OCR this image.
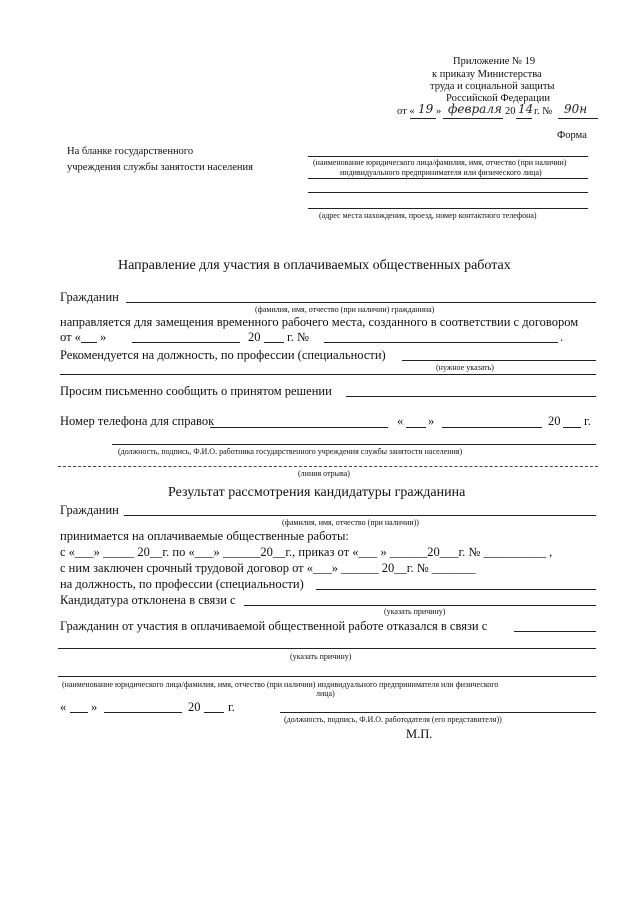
Приложение № 19
к приказу Министерства
труда и социальной защиты
Российской Федерации
от « 19 » февраля 20 14 г. № 90н
Форма
На бланке государственного
учреждения службы занятости населения	(наименование юридического лица/фамилия, имя, отчество (при наличии)
индивидуального предпринимателя или физического лица)
(адрес места нахождения, проезд, номер контактного телефона)
Направление для участия в оплачиваемых общественных работах
Гражданин
(фамилия, имя, отчество (при наличии) гражданина)
направляется для замещения временного рабочего места, созданного в соответствии с договором
от « »	20 г. №	.
Рекомендуется на должность, по профессии (специальности)
(нужное указать)
Просим письменно сообщить о принятом решении
Номер телефона для справок	« »	20 г.
(должность, подпись, Ф.И.О. работника государственного учреждения службы занятости населения)
(линия отрыва)
Результат рассмотрения кандидатуры гражданина
Гражданин
(фамилия, имя, отчество (при наличии))
принимается на оплачиваемые общественные работы:
с «___» _____ 20__г. по «___» ______20__г., приказ от «___ » ______20___г. № __________ ,
с ним заключен срочный трудовой договор от «___» ______ 20__г. № _______
на должность, по профессии (специальности)
Кандидатура отклонена в связи с
(указать причину)
Гражданин от участия в оплачиваемой общественной работе отказался в связи с
(указать причину)
(наименование юридического лица/фамилия, имя, отчество (при наличии) индивидуального предпринимателя или физического
лица)
« »	20 г.
(должность, подпись, Ф.И.О. работодателя (его представителя))
М.П.
